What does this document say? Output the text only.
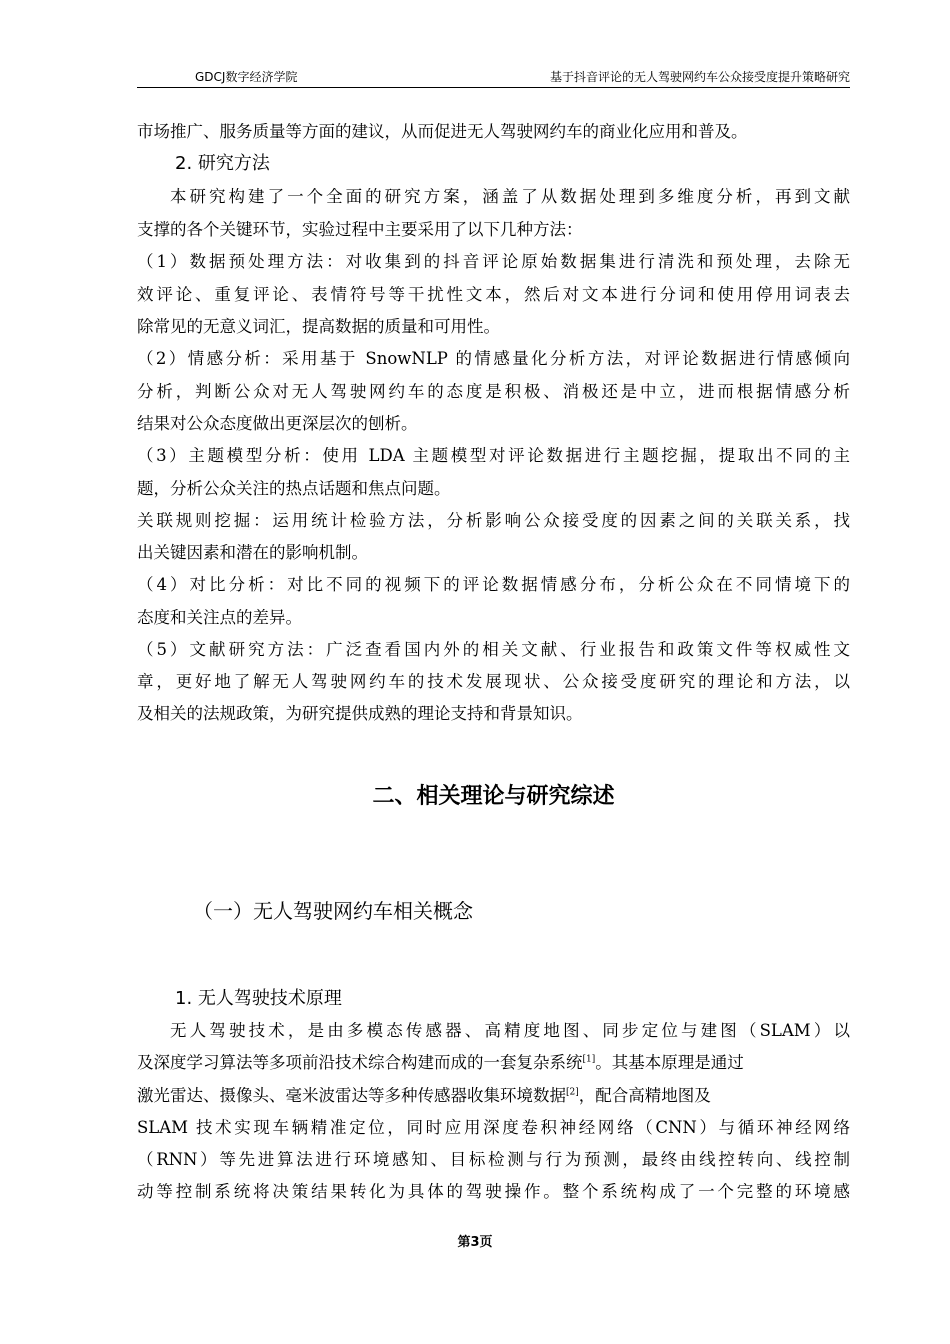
GDCJ数字经济学院	基于抖音评论的无人驾驶网约车公众接受度提升策略研究
市场推广、服务质量等方面的建议，从而促进无人驾驶网约车的商业化应用和普及。
2. 研究方法
本研究构建了一个全面的研究方案，涵盖了从数据处理到多维度分析，再到文献
支撑的各个关键环节，实验过程中主要采用了以下几种方法：
（1）数据预处理方法：对收集到的抖音评论原始数据集进行清洗和预处理，去除无
效评论、重复评论、表情符号等干扰性文本，然后对文本进行分词和使用停用词表去
除常见的无意义词汇，提高数据的质量和可用性。
（2）情感分析：采用基于 SnowNLP 的情感量化分析方法，对评论数据进行情感倾向
分析，判断公众对无人驾驶网约车的态度是积极、消极还是中立，进而根据情感分析
结果对公众态度做出更深层次的刨析。
（3）主题模型分析：使用 LDA 主题模型对评论数据进行主题挖掘，提取出不同的主
题，分析公众关注的热点话题和焦点问题。
关联规则挖掘：运用统计检验方法，分析影响公众接受度的因素之间的关联关系，找
出关键因素和潜在的影响机制。
（4）对比分析：对比不同的视频下的评论数据情感分布，分析公众在不同情境下的
态度和关注点的差异。
（5）文献研究方法：广泛查看国内外的相关文献、行业报告和政策文件等权威性文
章，更好地了解无人驾驶网约车的技术发展现状、公众接受度研究的理论和方法，以
及相关的法规政策，为研究提供成熟的理论支持和背景知识。
二、相关理论与研究综述
（一）无人驾驶网约车相关概念
1. 无人驾驶技术原理
无人驾驶技术，是由多模态传感器、高精度地图、同步定位与建图（SLAM）以
及深度学习算法等多项前沿技术综合构建而成的一套复杂系统[1]。其基本原理是通过
激光雷达、摄像头、毫米波雷达等多种传感器收集环境数据[2]，配合高精地图及
SLAM 技术实现车辆精准定位，同时应用深度卷积神经网络（CNN）与循环神经网络
（RNN）等先进算法进行环境感知、目标检测与行为预测，最终由线控转向、线控制
动等控制系统将决策结果转化为具体的驾驶操作。整个系统构成了一个完整的环境感
第3页
